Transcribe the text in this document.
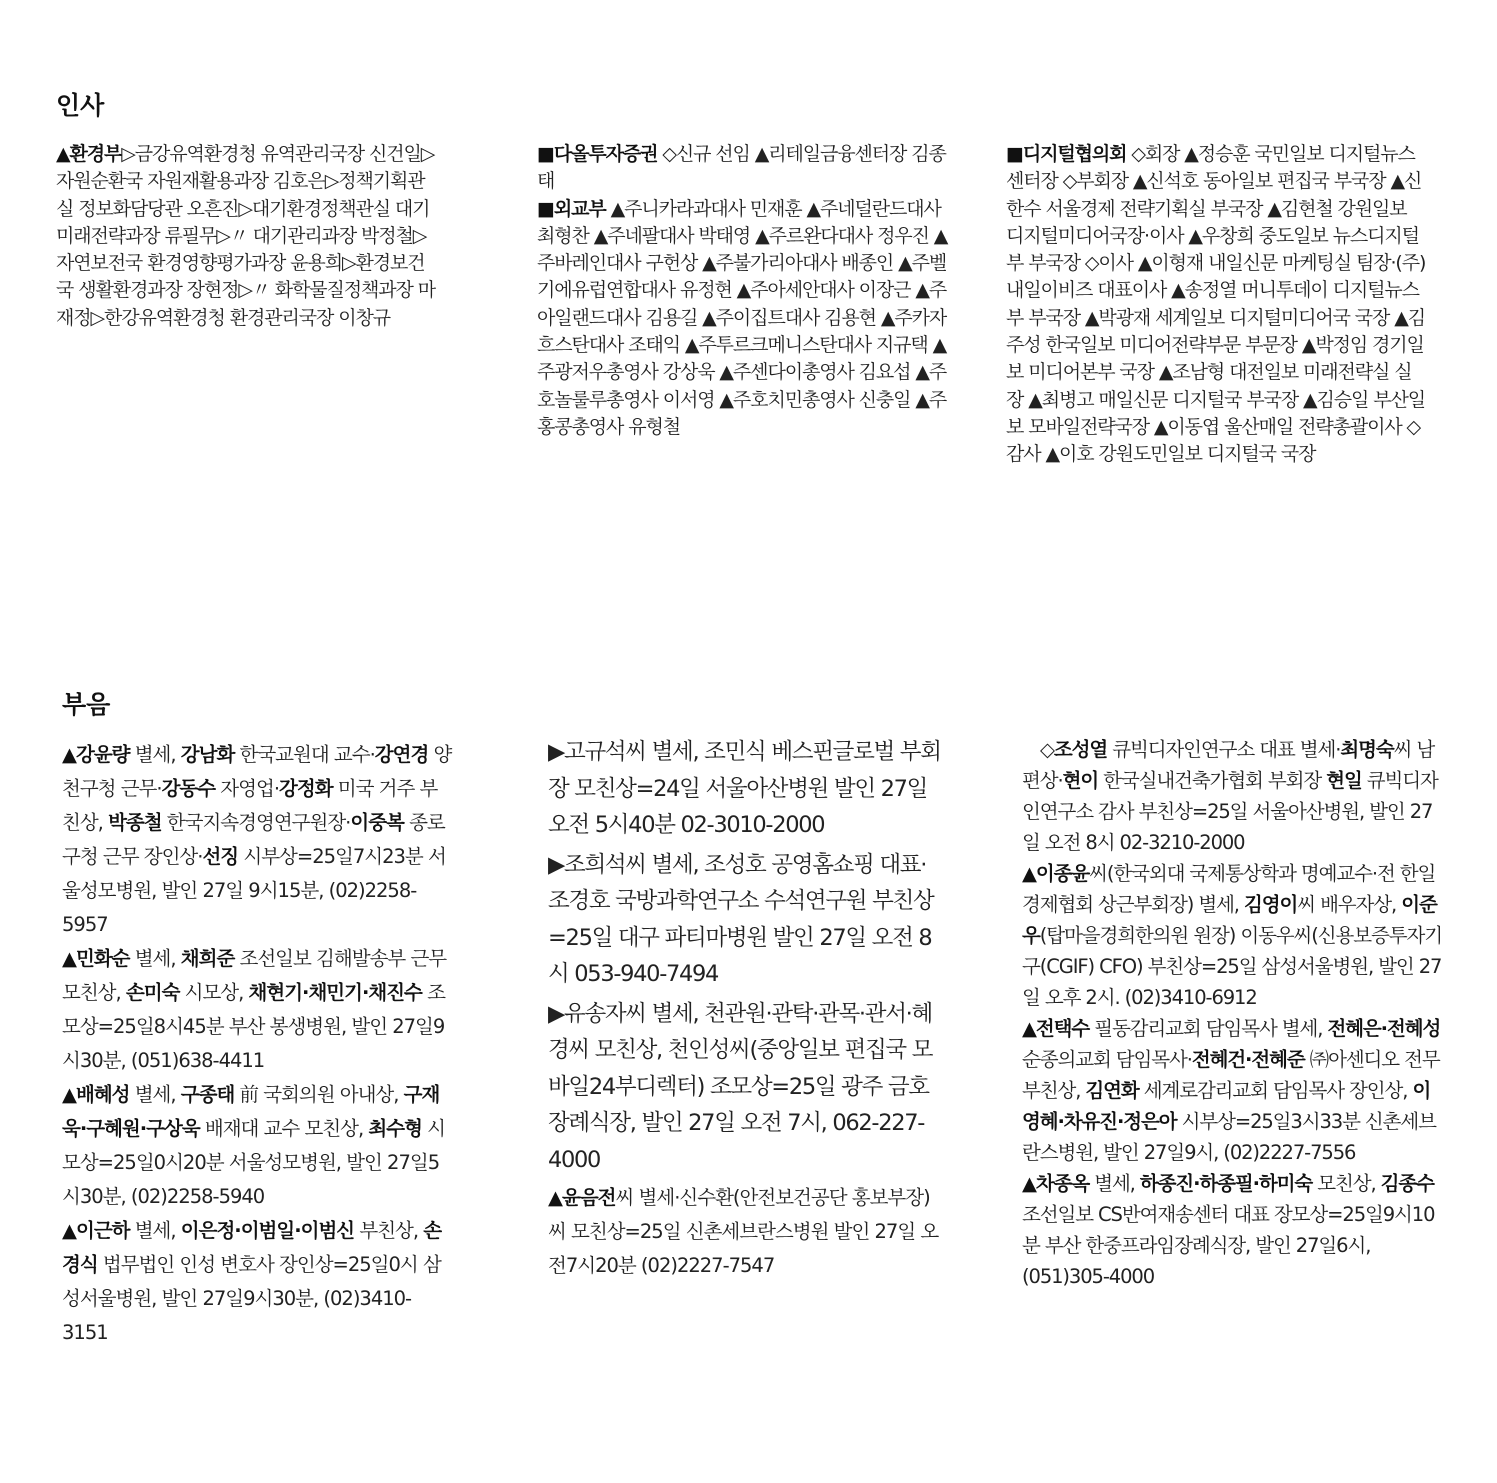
인사

▲환경부▷금강유역환경청 유역관리국장 신건일▷자원순환국 자원재활용과장 김호은▷정책기획관실 정보화담당관 오흔진▷대기환경정책관실 대기미래전략과장 류필무▷〃 대기관리과장 박정철▷자연보전국 환경영향평가과장 윤용희▷환경보건국 생활환경과장 장현정▷〃 화학물질정책과장 마재정▷한강유역환경청 환경관리국장 이창규

■다올투자증권 ◇신규 선임 ▲리테일금융센터장 김종태

■외교부 ▲주니카라과대사 민재훈 ▲주네덜란드대사 최형찬 ▲주네팔대사 박태영 ▲주르완다대사 정우진 ▲주바레인대사 구헌상 ▲주불가리아대사 배종인 ▲주벨기에유럽연합대사 유정현 ▲주아세안대사 이장근 ▲주아일랜드대사 김용길 ▲주이집트대사 김용현 ▲주카자흐스탄대사 조태익 ▲주투르크메니스탄대사 지규택 ▲주광저우총영사 강상욱 ▲주센다이총영사 김요섭 ▲주호놀룰루총영사 이서영 ▲주호치민총영사 신충일 ▲주홍콩총영사 유형철

■디지털협의회 ◇회장 ▲정승훈 국민일보 디지털뉴스센터장 ◇부회장 ▲신석호 동아일보 편집국 부국장 ▲신한수 서울경제 전략기획실 부국장 ▲김현철 강원일보 디지털미디어국장·이사 ▲우창희 중도일보 뉴스디지털부 부국장 ◇이사 ▲이형재 내일신문 마케팅실 팀장·(주)내일이비즈 대표이사 ▲송정열 머니투데이 디지털뉴스부 부국장 ▲박광재 세계일보 디지털미디어국 국장 ▲김주성 한국일보 미디어전략부문 부문장 ▲박정임 경기일보 미디어본부 국장 ▲조남형 대전일보 미래전략실 실장 ▲최병고 매일신문 디지털국 부국장 ▲김승일 부산일보 모바일전략국장 ▲이동엽 울산매일 전략총괄이사 ◇감사 ▲이호 강원도민일보 디지털국 국장

부음

▲강윤량 별세, 강남화 한국교원대 교수·강연경 양천구청 근무·강동수 자영업·강정화 미국 거주 부친상, 박종철 한국지속경영연구원장·이중복 종로구청 근무 장인상·선징 시부상=25일7시23분 서울성모병원, 발인 27일 9시15분, (02)2258-5957

▲민화순 별세, 채희준 조선일보 김해발송부 근무 모친상, 손미숙 시모상, 채현기·채민기·채진수 조모상=25일8시45분 부산 봉생병원, 발인 27일9시30분, (051)638-4411

▲배혜성 별세, 구종태 前 국회의원 아내상, 구재욱·구혜원·구상욱 배재대 교수 모친상, 최수형 시모상=25일0시20분 서울성모병원, 발인 27일5시30분, (02)2258-5940

▲이근하 별세, 이은정·이범일·이범신 부친상, 손경식 법무법인 인성 변호사 장인상=25일0시 삼성서울병원, 발인 27일9시30분, (02)3410-3151

▶고규석씨 별세, 조민식 베스핀글로벌 부회장 모친상=24일 서울아산병원 발인 27일 오전 5시40분 02-3010-2000

▶조희석씨 별세, 조성호 공영홈쇼핑 대표·조경호 국방과학연구소 수석연구원 부친상=25일 대구 파티마병원 발인 27일 오전 8시 053-940-7494

▶유송자씨 별세, 천관원·관탁·관목·관서·혜경씨 모친상, 천인성씨(중앙일보 편집국 모바일24부디렉터) 조모상=25일 광주 금호장례식장, 발인 27일 오전 7시, 062-227-4000

▲윤음전씨 별세·신수환(안전보건공단 홍보부장)씨 모친상=25일 신촌세브란스병원 발인 27일 오전7시20분 (02)2227-7547

◇조성열 큐빅디자인연구소 대표 별세·최명숙씨 남편상·현이 한국실내건축가협회 부회장 현일 큐빅디자인연구소 감사 부친상=25일 서울아산병원, 발인 27일 오전 8시 02-3210-2000

▲이종윤씨(한국외대 국제통상학과 명예교수·전 한일경제협회 상근부회장) 별세, 김영이씨 배우자상, 이준우(탑마을경희한의원 원장) 이동우씨(신용보증투자기구(CGIF) CFO) 부친상=25일 삼성서울병원, 발인 27일 오후 2시. (02)3410-6912

▲전택수 필동감리교회 담임목사 별세, 전혜은·전혜성 순종의교회 담임목사·전혜건·전혜준 ㈜아센디오 전무 부친상, 김연화 세계로감리교회 담임목사 장인상, 이영혜·차유진·정은아 시부상=25일3시33분 신촌세브란스병원, 발인 27일9시, (02)2227-7556

▲차종옥 별세, 하종진·하종필·하미숙 모친상, 김종수 조선일보 CS반여재송센터 대표 장모상=25일9시10분 부산 한중프라임장례식장, 발인 27일6시, (051)305-4000
